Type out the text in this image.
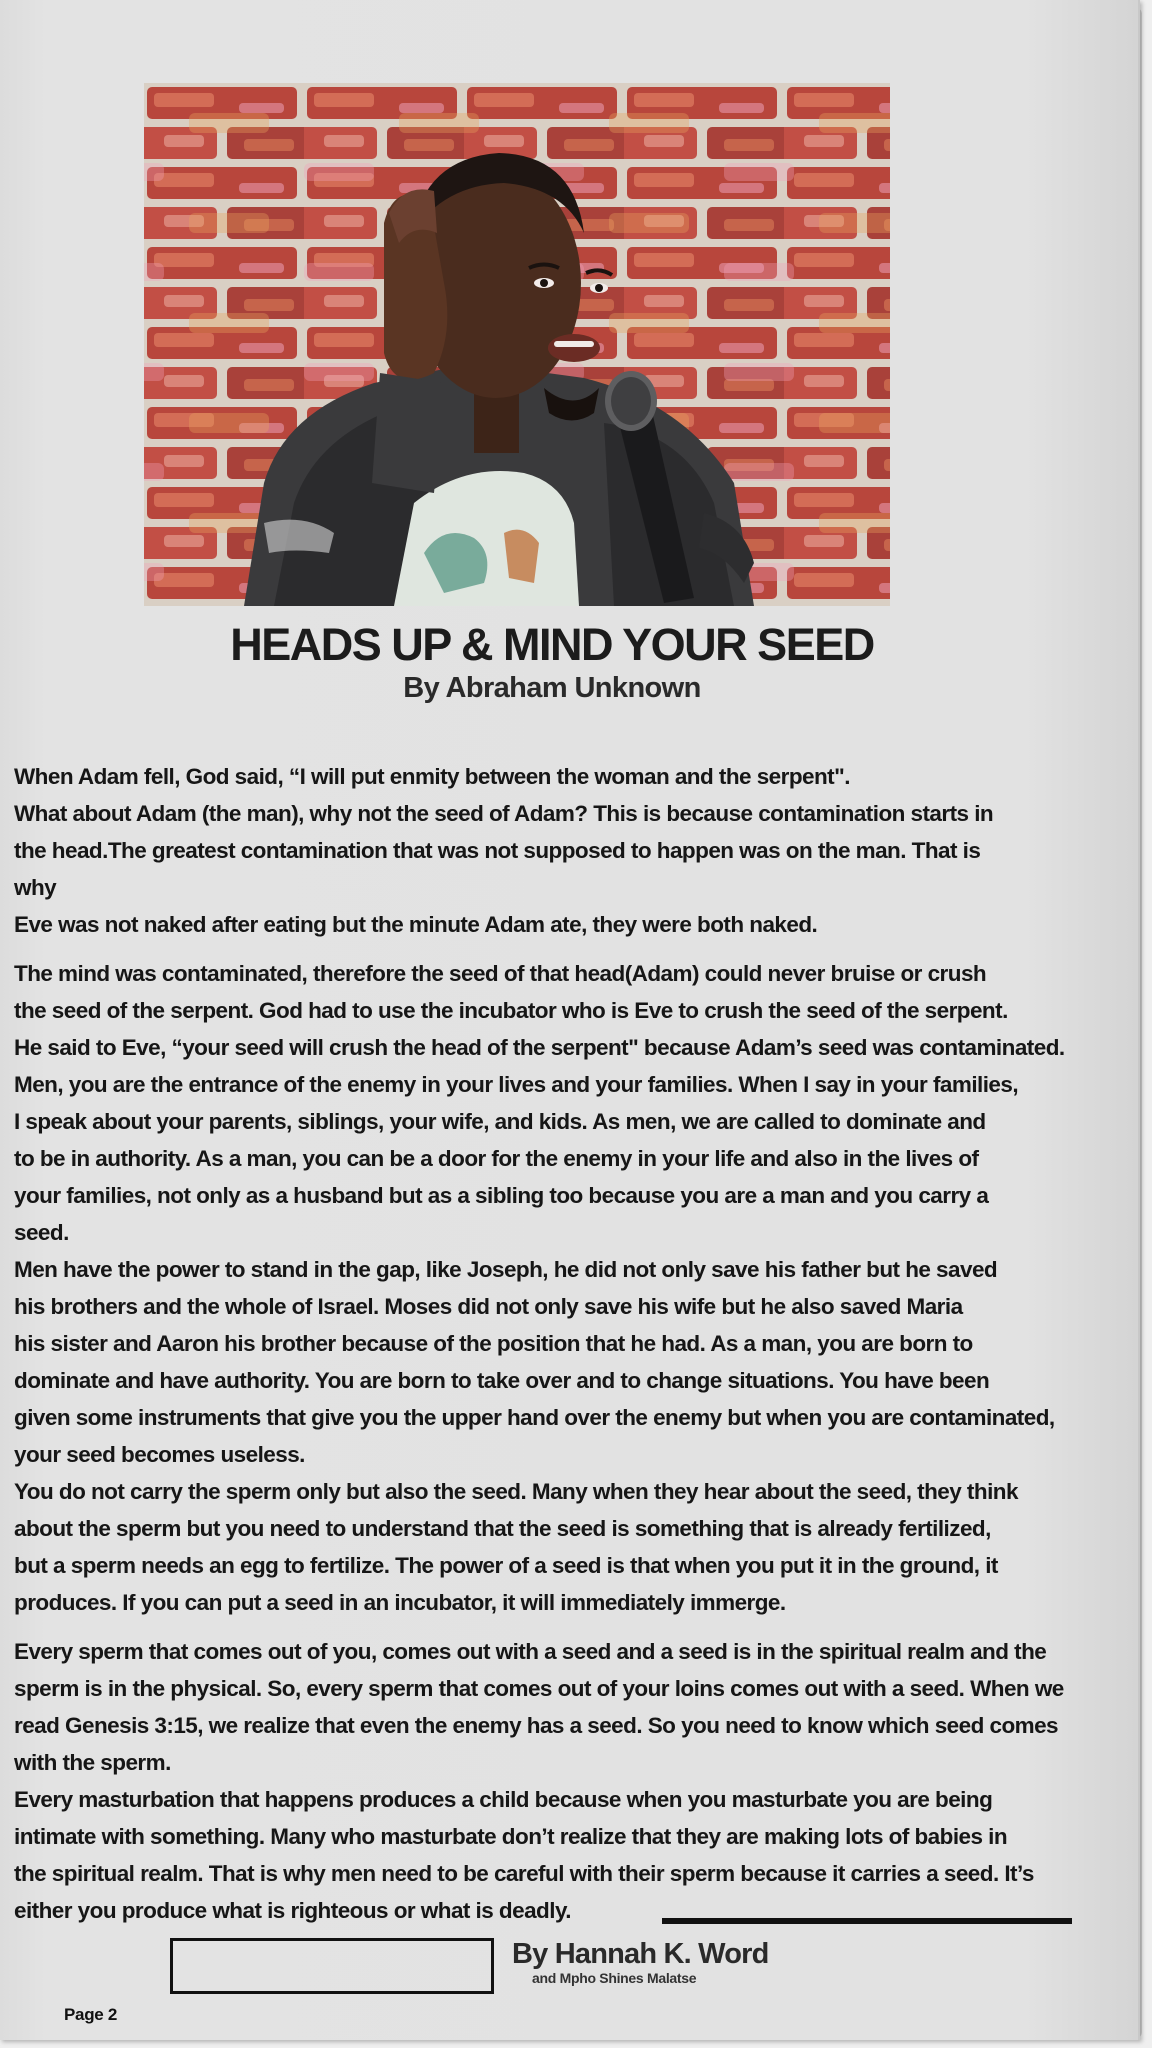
HEADS UP & MIND YOUR SEED
By Abraham Unknown

When Adam fell, God said, “I will put enmity between the woman and the serpent".

What about Adam (the man), why not the seed of Adam? This is because contamination starts in

the head.The greatest contamination that was not supposed to happen was on the man. That is

why

Eve was not naked after eating but the minute Adam ate, they were both naked.

The mind was contaminated, therefore the seed of that head(Adam) could never bruise or crush

the seed of the serpent. God had to use the incubator who is Eve to crush the seed of the serpent.

He said to Eve, “your seed will crush the head of the serpent" because Adam’s seed was contaminated.

Men, you are the entrance of the enemy in your lives and your families. When I say in your families,

I speak about your parents, siblings, your wife, and kids. As men, we are called to dominate and

to be in authority. As a man, you can be a door for the enemy in your life and also in the lives of

your families, not only as a husband but as a sibling too because you are a man and you carry a

seed.

Men have the power to stand in the gap, like Joseph, he did not only save his father but he saved

his brothers and the whole of Israel. Moses did not only save his wife but he also saved Maria

his sister and Aaron his brother because of the position that he had. As a man, you are born to

dominate and have authority. You are born to take over and to change situations. You have been

given some instruments that give you the upper hand over the enemy but when you are contaminated,

your seed becomes useless.

You do not carry the sperm only but also the seed. Many when they hear about the seed, they think

about the sperm but you need to understand that the seed is something that is already fertilized,

but a sperm needs an egg to fertilize. The power of a seed is that when you put it in the ground, it

produces. If you can put a seed in an incubator, it will immediately immerge.

Every sperm that comes out of you, comes out with a seed and a seed is in the spiritual realm and the

sperm is in the physical. So, every sperm that comes out of your loins comes out with a seed. When we

read Genesis 3:15, we realize that even the enemy has a seed. So you need to know which seed comes

with the sperm.

Every masturbation that happens produces a child because when you masturbate you are being

intimate with something. Many who masturbate don’t realize that they are making lots of babies in

the spiritual realm. That is why men need to be careful with their sperm because it carries a seed. It’s

either you produce what is righteous or what is deadly.

By Hannah K. Word
and Mpho Shines Malatse
Page 2
